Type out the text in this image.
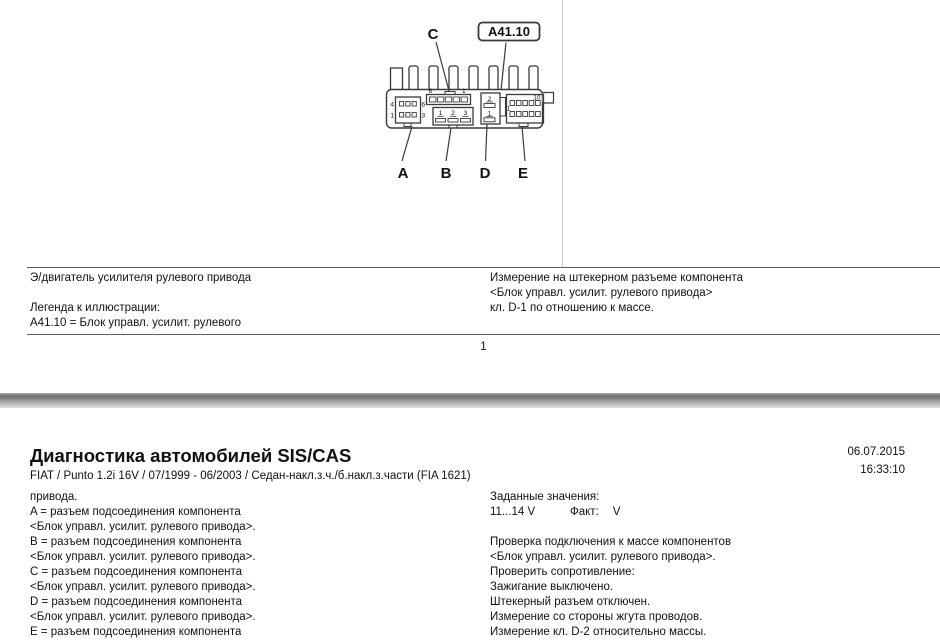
4	6
1	3
6	1
1 2 3
2
1
10
1
C	A41.10
A B D E
Э/двигатель усилителя рулевого привода
Легенда к иллюстрации:
A41.10 = Блок управл. усилит. рулевого
Измерение на штекерном разъеме компонента
<Блок управл. усилит. рулевого привода>
кл. D-1 по отношению к массе.
1
Диагностика автомобилей SIS/CAS	06.07.2015
16:33:10
FIAT / Punto 1.2i 16V / 07/1999 - 06/2003 / Седан-накл.з.ч./б.накл.з.части (FIA 1621)
привода.
A = разъем подсоединения компонента
<Блок управл. усилит. рулевого привода>.
B = разъем подсоединения компонента
<Блок управл. усилит. рулевого привода>.
C = разъем подсоединения компонента
<Блок управл. усилит. рулевого привода>.
D = разъем подсоединения компонента
<Блок управл. усилит. рулевого привода>.
E = разъем подсоединения компонента
Заданные значения:
11...14 V	Факт: V
Проверка подключения к массе компонентов
<Блок управл. усилит. рулевого привода>.
Проверить сопротивление:
Зажигание выключено.
Штекерный разъем отключен.
Измерение со стороны жгута проводов.
Измерение кл. D-2 относительно массы.
